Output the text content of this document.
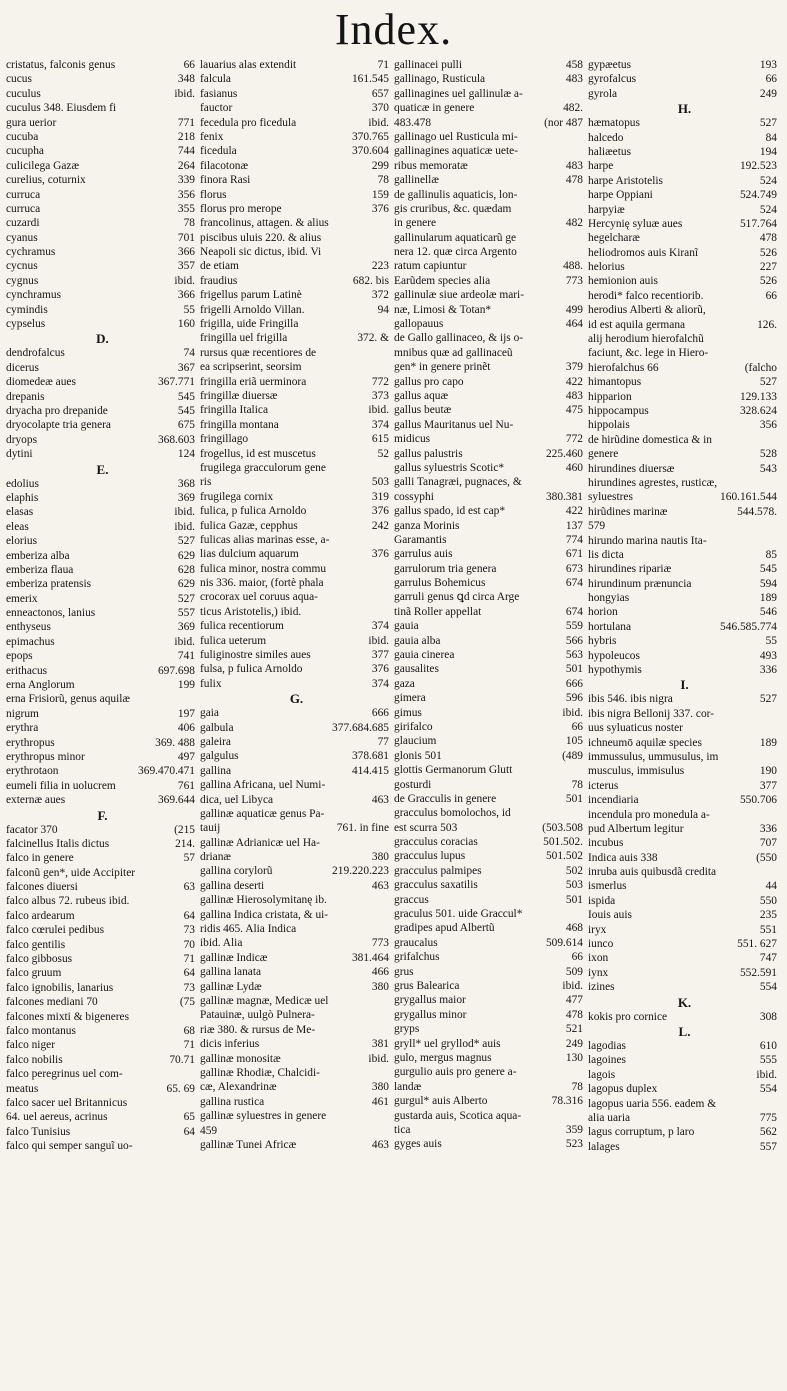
Index.
cristatus, falconis genus	66
cucus	348
cuculus	ibid.
cuculus 348. Eiusdem fi
gura uerior	771
cucuba	218
cucupha	744
culicilega Gazæ	264
curelius, coturnix	339
curruca	356
curruca	355
cuzardi	78
cyanus	701
cychramus	366
cycnus	357
cygnus	ibid.
cynchramus	366
cymindis	55
cypselus	160
D.
dendrofalcus	74
dicerus	367
diomedeæ aues	367.771
drepanis	545
dryacha pro drepanide	545
dryocolapte tria genera	675
dryops	368.603
dytini	124
E.
edolius	368
elaphis	369
elasas	ibid.
eleas	ibid.
elorius	527
emberiza alba	629
emberiza flaua	628
emberiza pratensis	629
emerix	527
enneactonos, lanius	557
enthyseus	369
epimachus	ibid.
epops	741
erithacus	697.698
erna Anglorum	199
erna Frisiorũ, genus aquilæ
nigrum	197
erythra	406
erythropus	369. 488
erythropus minor	497
erythrotaon	369.470.471
eumeli filia in uolucrem	761
externæ aues	369.644
F.
facator 370	(215
falcinellus Italis dictus	214.
falco in genere	57
falconũ gen*, uide Accipiter
falcones diuersi	63
falco albus 72. rubeus ibid.
falco ardearum	64
falco cœrulei pedibus	73
falco gentilis	70
falco gibbosus	71
falco gruum	64
falco ignobilis, lanarius	73
falcones mediani 70	(75
falcones mixti & bigeneres
falco montanus	68
falco niger	71
falco nobilis	70.71
falco peregrinus uel com-
meatus	65. 69
falco sacer uel Britannicus
64. uel aereus, acrinus	65
falco Tunisius	64
falco qui semper sanguĩ uo-
lauarius alas extendit	71
falcula	161.545
fasianus	657
fauctor	370
fecedula pro ficedula	ibid.
fenix	370.765
ficedula	370.604
filacotonæ	299
finora Rasi	78
florus	159
florus pro merope	376
francolinus, attagen. & alius
piscibus uluis 220. & alius
Neapoli sic dictus, ibid. Vi
de etiam	223
fraudius	682. bis
frigellus parum Latinè	372
frigelli Arnoldo Villan.	94
frigilla, uide Fringilla
fringilla uel frigilla	372. &
rursus quæ recentiores de
ea scripserint, seorsim
fringilla eriã uerminora	772
fringillæ diuersæ	373
fringilla Italica	ibid.
fringilla montana	374
fringillago	615
frogellus, id est muscetus	52
frugilega gracculorum gene
ris	503
frugilega cornix	319
fulica, p fulica Arnoldo	376
fulica Gazæ, cepphus	242
fulicas alias marinas esse, a-
lias dulcium aquarum	376
fulica minor, nostra commu
nis 336. maior, (fortè phala
crocorax uel coruus aqua-
ticus Aristotelis,) ibid.
fulica recentiorum	374
fulica ueterum	ibid.
fuliginostre similes aues	377
fulsa, p fulica Arnoldo	376
fulix	374
G.
gaia	666
galbula	377.684.685
galeira	77
galgulus	378.681
gallina	414.415
gallina Africana, uel Numi-
dica, uel Libyca	463
gallinæ aquaticæ genus Pa-
tauij	761. in fine
gallinæ Adrianicæ uel Ha-
drianæ	380
gallina corylorũ	219.220.223
gallina deserti	463
gallinæ Hierosolymitanę ib.
gallina Indica cristata, & ui-
ridis 465. Alia Indica
ibid. Alia	773
gallinæ Indicæ	381.464
gallina lanata	466
gallinæ Lydæ	380
gallinæ magnæ, Medicæ uel
Patauinæ, uulgò Pulnera-
riæ 380. & rursus de Me-
dicis inferius	381
gallinæ monositæ	ibid.
gallinæ Rhodiæ, Chalcidi-
cæ, Alexandrinæ	380
gallina rustica	461
gallinæ syluestres in genere
459
gallinæ Tunei Africæ	463
gallinacei pulli	458
gallinago, Rusticula	483
gallinagines uel gallinulæ a-
quaticæ in genere	482.
483.478	(nor 487
gallinago uel Rusticula mi-
gallinagines aquaticæ uete-
ribus memoratæ	483
gallinellæ	478
de gallinulis aquaticis, lon-
gis cruribus, &c. quædam
in genere	482
gallinularum aquaticarũ ge
nera 12. quæ circa Argento
ratum capiuntur	488.
Earũdem species alia	773
gallinulæ siue ardeolæ mari-
næ, Limosi & Totan*	499
gallopauus	464
de Gallo gallinaceo, & ijs o-
mnibus quæ ad gallinaceũ
gen* in genere prinẽt	379
gallus pro capo	422
gallus aquæ	483
gallus beutæ	475
gallus Mauritanus uel Nu-
midicus	772
gallus palustris	225.460
gallus syluestris Scotic*	460
galli Tanagræi, pugnaces, &
cossyphi	380.381
gallus spado, id est cap*	422
ganza Morinis	137
Garamantis	774
garrulus auis	671
garrulorum tria genera	673
garrulus Bohemicus	674
garruli genus ꝗd circa Arge
tinã Roller appellat	674
gauia	559
gauia alba	566
gauia cinerea	563
gausalites	501
gaza	666
gimera	596
gimus	ibid.
girifalco	66
glaucium	105
glonis 501	(489
glottis Germanorum Glutt
gosturdi	78
de Gracculis in genere	501
gracculus bomolochos, id
est scurra 503	(503.508
gracculus coracias	501.502.
gracculus lupus	501.502
gracculus palmipes	502
gracculus saxatilis	503
graccus	501
graculus 501. uide Graccul*
gradipes apud Albertũ	468
graucalus	509.614
grifalchus	66
grus	509
grus Balearica	ibid.
grygallus maior	477
grygallus minor	478
gryps	521
gryll* uel gryllod* auis	249
gulo, mergus magnus	130
gurgulio auis pro genere a-
landæ	78
gurgul* auis Alberto	78.316
gustarda auis, Scotica aqua-
tica	359
gyges auis	523
gypæetus	193
gyrofalcus	66
gyrola	249
H.
hæmatopus	527
halcedo	84
haliæetus	194
harpe	192.523
harpe Aristotelis	524
harpe Oppiani	524.749
harpyiæ	524
Hercynię syluæ aues	517.764
hegelcharæ	478
heliodromos auis Kiranĩ	526
helorius	227
hemionion auis	526
herodi* falco recentiorib.	66
herodius Alberti & aliorũ,
id est aquila germana	126.
alij herodium hierofalchũ
faciunt, &c. lege in Hiero-
hierofalchus 66	(falcho
himantopus	527
hipparion	129.133
hippocampus	328.624
hippolais	356
de hirũdine domestica & in
genere	528
hirundines diuersæ	543
hirundines agrestes, rusticæ,
syluestres	160.161.544
hirũdines marinæ	544.578.
579
hirundo marina nautis Ita-
lis dicta	85
hirundines ripariæ	545
hirundinum prænuncia	594
hongyias	189
horion	546
hortulana	546.585.774
hybris	55
hypoleucos	493
hypothymis	336
I.
ibis 546. ibis nigra	527
ibis nigra Bellonij 337. cor-
uus syluaticus noster
ichneumō aquilæ species	189
immussulus, ummusulus, im
musculus, immisulus	190
icterus	377
incendiaria	550.706
incendula pro monedula a-
pud Albertum legitur	336
incubus	707
Indica auis 338	(550
inruba auis quibusdã credita
ismerlus	44
ispida	550
Iouis auis	235
iryx	551
iunco	551. 627
ixon	747
iynx	552.591
izines	554
K.
kokis pro cornice	308
L.
lagodias	610
lagoines	555
lagois	ibid.
lagopus duplex	554
lagopus uaria 556. eadem &
alia uaria	775
lagus corruptum, p laro	562
lalages	557
